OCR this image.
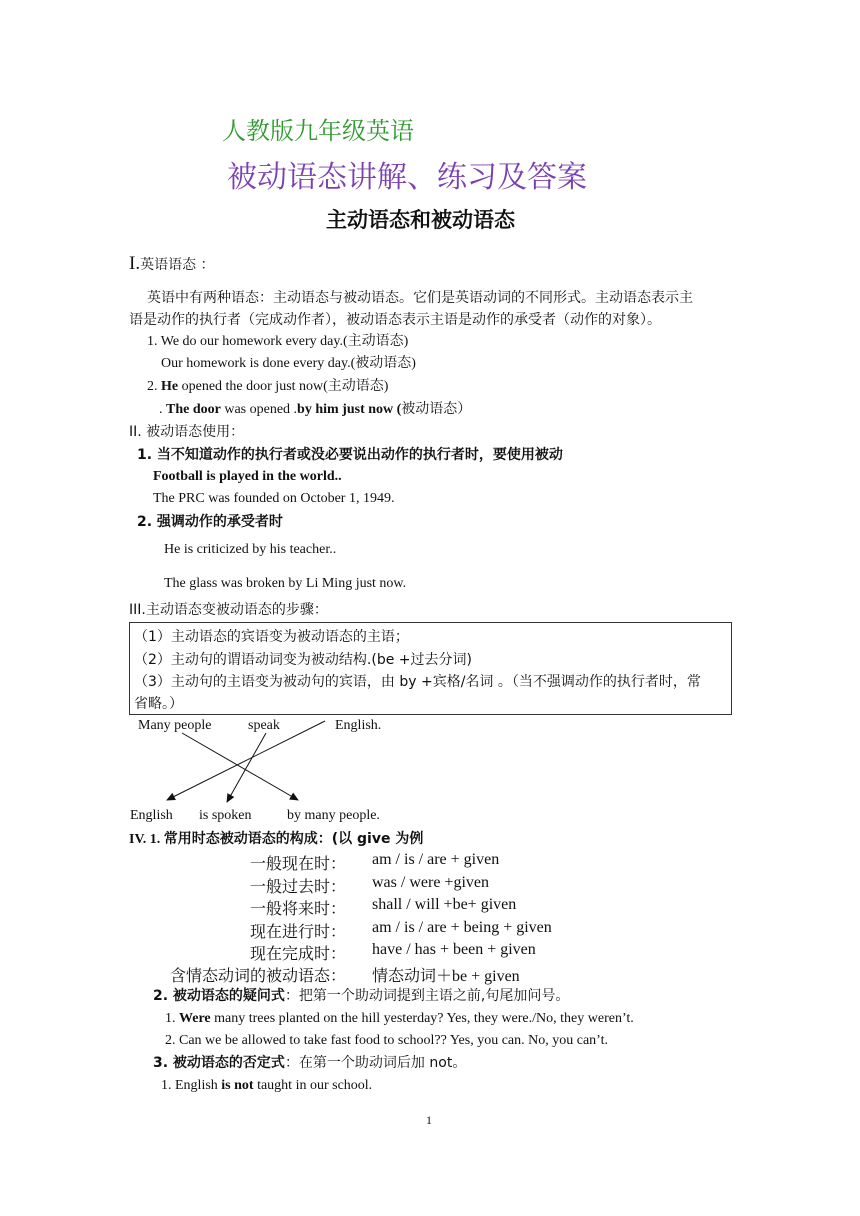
人教版九年级英语
被动语态讲解、练习及答案
主动语态和被动语态
I.英语语态 ：
英语中有两种语态：主动语态与被动语态。它们是英语动词的不同形式。主动语态表示主
语是动作的执行者（完成动作者），被动语态表示主语是动作的承受者（动作的对象）。
1. We do our homework every day.(主动语态)
Our homework is done every day.(被动语态)
2. He opened the door just now(主动语态)
. The door was opened .by him just now (被动语态）
II. 被动语态使用：
1. 当不知道动作的执行者或没必要说出动作的执行者时，要使用被动
Football is played in the world..
The PRC was founded on October 1, 1949.
2. 强调动作的承受者时
He is criticized by his teacher..
The glass was broken by Li Ming just now.
III.主动语态变被动语态的步骤：
（1）主动语态的宾语变为被动语态的主语；
（2）主动句的谓语动词变为被动结构.(be +过去分词)
（3）主动句的主语变为被动句的宾语，由 by +宾格/名词 。（当不强调动作的执行者时，常
省略。）
Many people	speak	English.
English is spoken	by many people.
IV. 1. 常用时态被动语态的构成：(以 give 为例
一般现在时： am / is / are + given
一般过去时： was / were +given
一般将来时： shall / will +be+ given
现在进行时： am / is / are + being + given
现在完成时： have / has + been + given
含情态动词的被动语态： 情态动词＋be + given
2. 被动语态的疑问式：把第一个助动词提到主语之前,句尾加问号。
1. Were many trees planted on the hill yesterday? Yes, they were./No, they weren’t.
2. Can we be allowed to take fast food to school?? Yes, you can. No, you can’t.
3. 被动语态的否定式：在第一个助动词后加 not。
1. English is not taught in our school.
1
